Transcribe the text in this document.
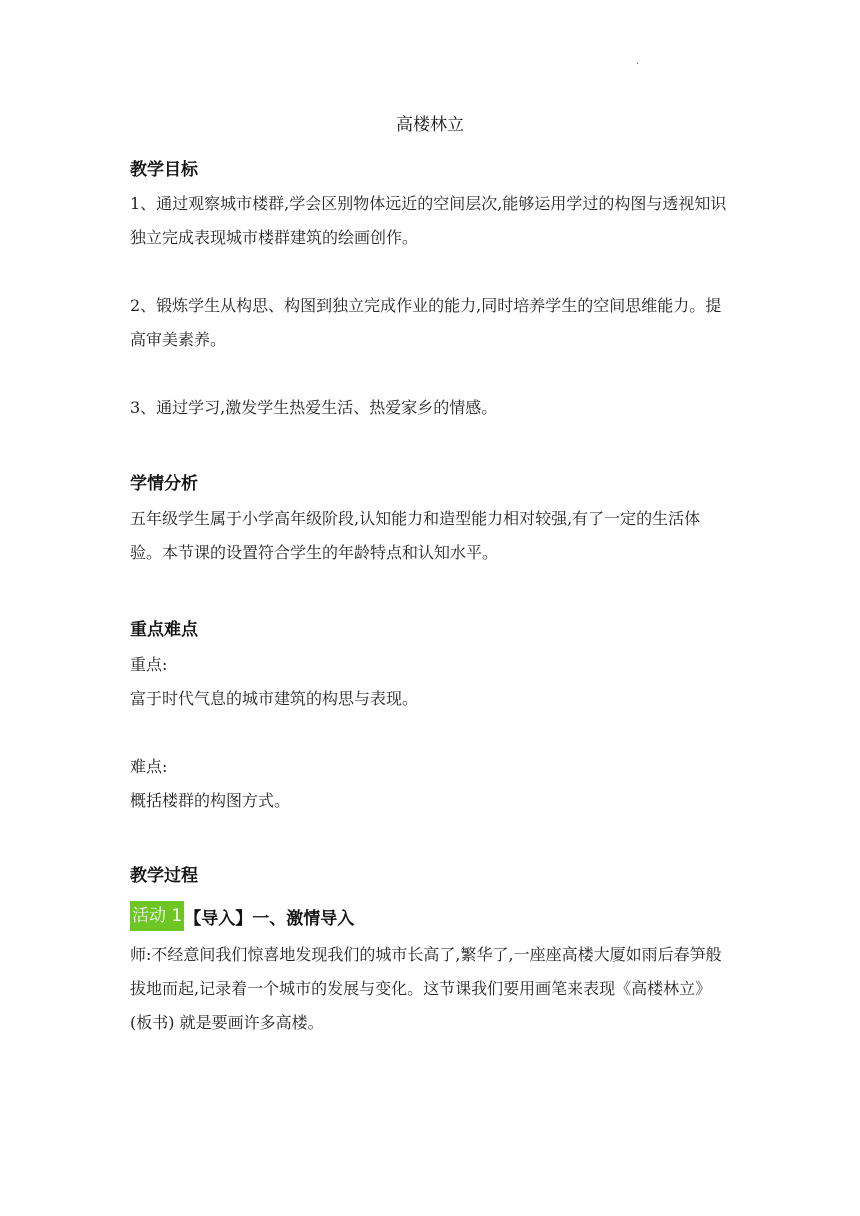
.
高楼林立
教学目标
1、通过观察城市楼群,学会区别物体远近的空间层次,能够运用学过的构图与透视知识独立完成表现城市楼群建筑的绘画创作。
2、锻炼学生从构思、构图到独立完成作业的能力,同时培养学生的空间思维能力。提高审美素养。
3、通过学习,激发学生热爱生活、热爱家乡的情感。
学情分析
五年级学生属于小学高年级阶段,认知能力和造型能力相对较强,有了一定的生活体验。本节课的设置符合学生的年龄特点和认知水平。
重点难点
重点:
富于时代气息的城市建筑的构思与表现。
难点:
概括楼群的构图方式。
教学过程
活动 1 【导入】一、激情导入
师:不经意间我们惊喜地发现我们的城市长高了,繁华了,一座座高楼大厦如雨后春笋般拔地而起,记录着一个城市的发展与变化。这节课我们要用画笔来表现《高楼林立》(板书) 就是要画许多高楼。
